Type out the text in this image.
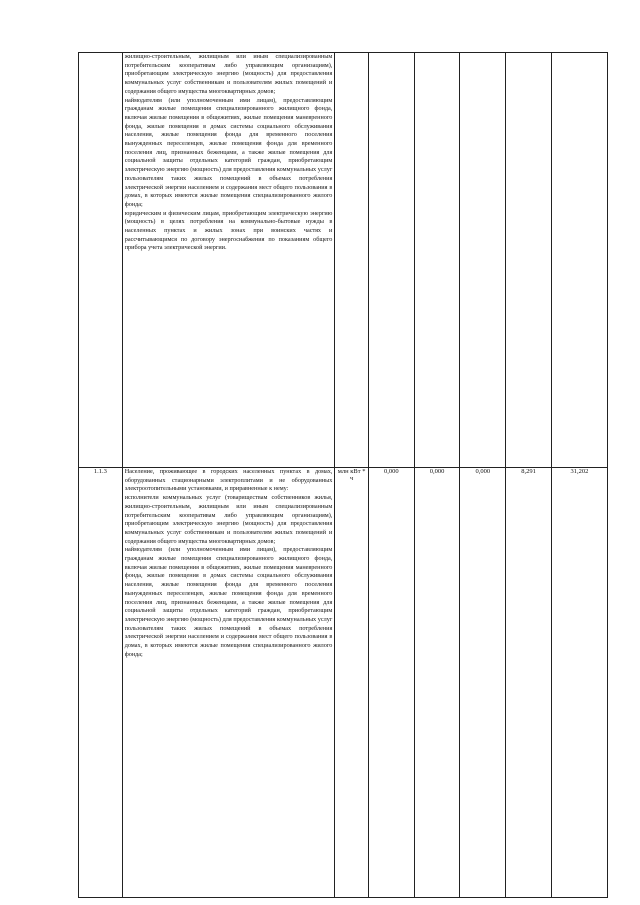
	жилищно-строительным, жилищным или иным специализированным потребительским кооперативам либо управляющим организациям), приобретающим электрическую энергию (мощность) для предоставления коммунальных услуг собственникам и пользователям жилых помещений и содержания общего имущества многоквартирных домов;

наймодателям (или уполномоченным ими лицам), предоставляющим гражданам жилые помещения специализированного жилищного фонда, включая жилые помещения в общежитиях, жилые помещения маневренного фонда, жилые помещения в домах системы социального обслуживания населения, жилые помещения фонда для временного поселения вынужденных переселенцев, жилые помещения фонда для временного поселения лиц, признанных беженцами, а также жилые помещения для социальной защиты отдельных категорий граждан, приобретающим электрическую энергию (мощность) для предоставления коммунальных услуг пользователям таких жилых помещений в объемах потребления электрической энергии населением и содержания мест общего пользования в домах, в которых имеются жилые помещения специализированного жилого фонда;

юридическим и физическим лицам, приобретающим электрическую энергию (мощность) в целях потребления на коммунально-бытовые нужды в населенных пунктах и жилых зонах при воинских частях и рассчитывающимся по договору энергоснабжения по показаниям общего прибора учета электрической энергии.						

1.1.3	Население, проживающее в городских населенных пунктах в домах, оборудованных стационарными электроплитами и не оборудованных электроотопительными установками, и приравненные к нему:

исполнители коммунальных услуг (товариществам собственников жилья, жилищно-строительным, жилищным или иным специализированным потребительским кооперативам либо управляющим организациям), приобретающим электрическую энергию (мощность) для предоставления коммунальных услуг собственникам и пользователям жилых помещений и содержания общего имущества многоквартирных домов;

наймодателям (или уполномоченным ими лицам), предоставляющим гражданам жилые помещения специализированного жилищного фонда, включая жилые помещения в общежитиях, жилые помещения маневренного фонда, жилые помещения в домах системы социального обслуживания населения, жилые помещения фонда для временного поселения вынужденных переселенцев, жилые помещения фонда для временного поселения лиц, признанных беженцами, а также жилые помещения для социальной защиты отдельных категорий граждан, приобретающим электрическую энергию (мощность) для предоставления коммунальных услуг пользователям таких жилых помещений в объемах потребления электрической энергии населением и содержания мест общего пользования в домах, в которых имеются жилые помещения специализированного жилого фонда;	млн кВт * ч	0,000	0,000	0,000	8,291	31,202
